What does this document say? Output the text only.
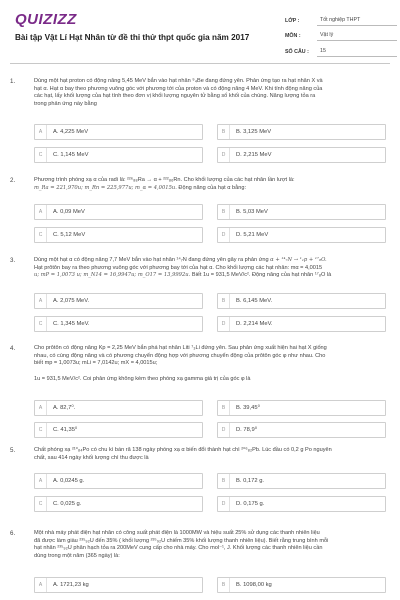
QUIZIZZ
Bài tập Vật Lí Hạt Nhân từ đề thi thử thpt quốc gia năm 2017
LỚP :	Tốt nghiệp THPT
MÔN :	Vật lý
SỐ CÂU :	15
1.	Dùng một hạt proton có động năng 5,45 MeV bắn vào hạt nhân ⁹₄Be đang đứng yên. Phản ứng tạo ra hạt nhân X và
hạt α. Hạt α bay theo phương vuông góc với phương tới của proton và có động năng 4 MeV. Khi tính động năng của
các hạt, lấy khối lượng của hạt tính theo đơn vị khối lượng nguyên tử bằng số khối của chúng. Năng lượng tỏa ra
trong phản ứng này bằng
A	A. 4,225 MeV	B	B. 3,125 MeV
C	C. 1,145 MeV	D	D. 2,215 MeV
2.	Phương trình phóng xạ α của radi là: ²²⁶₈₈Ra → α + ²²²₈₆Rn. Cho khối lượng của các hạt nhân lần lượt là:
m_Ra = 221,970u; m_Rn = 225,977u; m_α = 4,0015u. Động năng của hạt α bằng:
A	A. 0,09 MeV	B	B. 5,03 MeV
C	C. 5,12 MeV	D	D. 5,21 MeV
3.	Dùng một hạt α có động năng 7,7 MeV bắn vào hạt nhân ¹⁴₇N đang đứng yên gây ra phản ứng α + ¹⁴₇N → ¹₁p + ¹⁷₈O.
Hạt prôtôn bay ra theo phương vuông góc với phương bay tới của hạt α. Cho khối lượng các hạt nhân: mα = 4,0015
u; mP = 1,0073 u; m_N14 = 16,9947u; m_O17 = 13,9992u. Biết 1u = 931,5 MeV/c². Động năng của hạt nhân ¹⁷₈O là
A	A. 2,075 MeV.	B	B. 6,145 MeV.
C	C. 1,345 MeV.	D	D. 2,214 MeV.
4.	Cho prôtôn có động năng Kp = 2,25 MeV bắn phá hạt nhân Liti ⁷₃Li đứng yên. Sau phản ứng xuất hiện hai hạt X giống
nhau, có cùng động năng và có phương chuyển động hợp với phương chuyển động của prôtôn góc φ như nhau. Cho
biết mp = 1,0073u; mLi = 7,0142u; mX = 4,0015u;
1u = 931,5 MeV/c². Coi phản ứng không kèm theo phóng xạ gamma giá trị của góc φ là
A	A. 82,7⁰.	B	B. 39,45⁰
C	C. 41,35⁰	D	D. 78,9⁰
5.	Chất phóng xạ ²¹⁰₈₄Po có chu kì bán rã 138 ngày phóng xạ α biến đổi thành hạt chì ²⁰⁶₈₂Pb. Lúc đầu có 0,2 g Po nguyên
chất, sau 414 ngày khối lượng chì thu được là
A	A. 0,0245 g.	B	B. 0,172 g.
C	C. 0,025 g.	D	D. 0,175 g.
6.	Một nhà máy phát điện hạt nhân có công suất phát điện là 1000MW và hiệu suất 25% sử dụng các thanh nhiên liệu
đã được làm giàu ²³⁵₉₂U đến 35% ( khối lượng ²³⁵₉₂U chiếm 35% khối lượng thanh nhiên liệu). Biết rằng trung bình mỗi
hạt nhân ²³⁵₉₂U phân hạch tỏa ra 200MeV cung cấp cho nhà máy. Cho mol⁻¹, J. Khối lượng các thanh nhiên liệu cần
dùng trong một năm (365 ngày) là:
A	A. 1721,23 kg	B	B. 1098,00 kg
